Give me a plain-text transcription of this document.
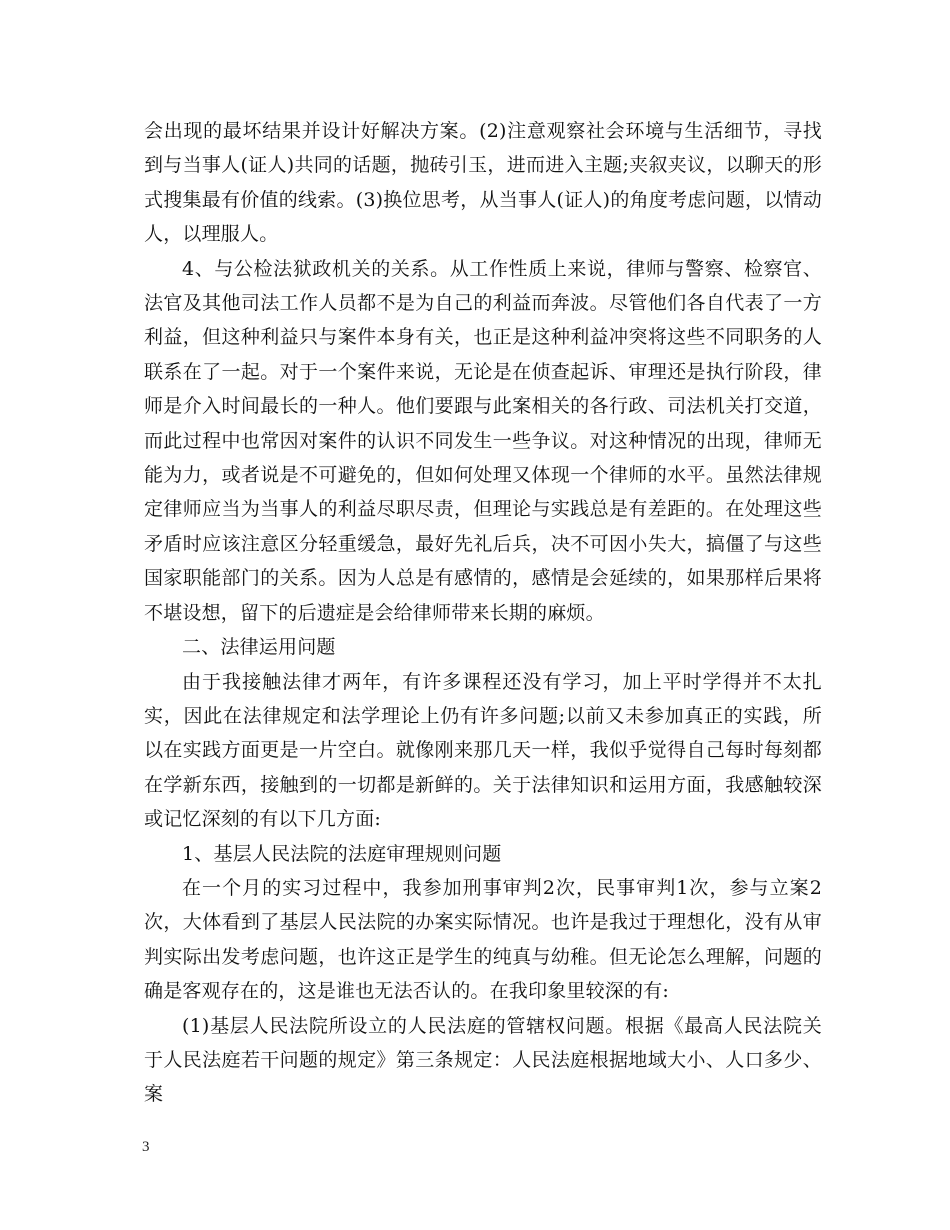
会出现的最坏结果并设计好解决方案。(2)注意观察社会环境与生活细节，寻找到与当事人(证人)共同的话题，抛砖引玉，进而进入主题;夹叙夹议，以聊天的形式搜集最有价值的线索。(3)换位思考，从当事人(证人)的角度考虑问题，以情动人，以理服人。

4、与公检法狱政机关的关系。从工作性质上来说，律师与警察、检察官、法官及其他司法工作人员都不是为自己的利益而奔波。尽管他们各自代表了一方利益，但这种利益只与案件本身有关，也正是这种利益冲突将这些不同职务的人联系在了一起。对于一个案件来说，无论是在侦查起诉、审理还是执行阶段，律师是介入时间最长的一种人。他们要跟与此案相关的各行政、司法机关打交道，而此过程中也常因对案件的认识不同发生一些争议。对这种情况的出现，律师无能为力，或者说是不可避免的，但如何处理又体现一个律师的水平。虽然法律规定律师应当为当事人的利益尽职尽责，但理论与实践总是有差距的。在处理这些矛盾时应该注意区分轻重缓急，最好先礼后兵，决不可因小失大，搞僵了与这些国家职能部门的关系。因为人总是有感情的，感情是会延续的，如果那样后果将不堪设想，留下的后遗症是会给律师带来长期的麻烦。

二、法律运用问题

由于我接触法律才两年，有许多课程还没有学习，加上平时学得并不太扎实，因此在法律规定和法学理论上仍有许多问题;以前又未参加真正的实践，所以在实践方面更是一片空白。就像刚来那几天一样，我似乎觉得自己每时每刻都在学新东西，接触到的一切都是新鲜的。关于法律知识和运用方面，我感触较深或记忆深刻的有以下几方面:

1、基层人民法院的法庭审理规则问题

在一个月的实习过程中，我参加刑事审判2次，民事审判1次，参与立案2次，大体看到了基层人民法院的办案实际情况。也许是我过于理想化，没有从审判实际出发考虑问题，也许这正是学生的纯真与幼稚。但无论怎么理解，问题的确是客观存在的，这是谁也无法否认的。在我印象里较深的有:

(1)基层人民法院所设立的人民法庭的管辖权问题。根据《最高人民法院关于人民法庭若干问题的规定》第三条规定：人民法庭根据地域大小、人口多少、案

3
